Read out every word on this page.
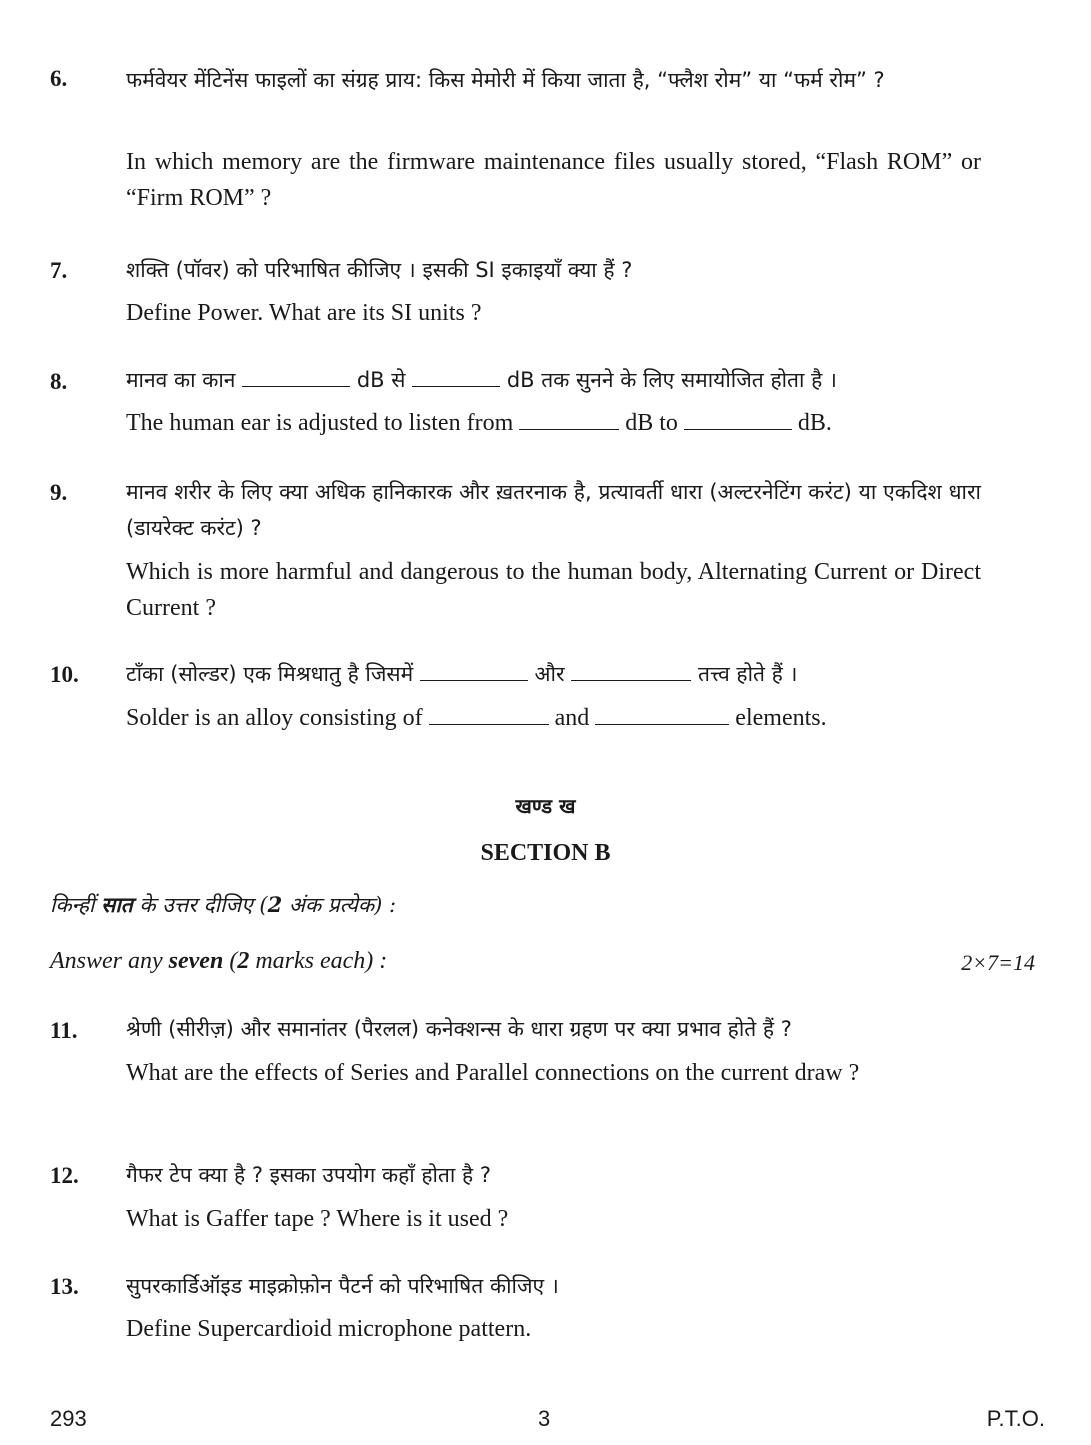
6.	फर्मवेयर मेंटिनेंस फाइलों का संग्रह प्राय: किस मेमोरी में किया जाता है, “फ्लैश रोम” या “फर्म रोम” ?
In which memory are the firmware maintenance files usually stored, “Flash ROM” or “Firm ROM” ?
7.	शक्ति (पॉवर) को परिभाषित कीजिए । इसकी SI इकाइयाँ क्या हैं ?
Define Power. What are its SI units ?
8.	मानव का कान	dB से	dB तक सुनने के लिए समायोजित होता है ।
The human ear is adjusted to listen from	dB to	dB.
9.	मानव शरीर के लिए क्या अधिक हानिकारक और ख़तरनाक है, प्रत्यावर्ती धारा (अल्टरनेटिंग करंट) या एकदिश धारा (डायरेक्ट करंट) ?
Which is more harmful and dangerous to the human body, Alternating Current or Direct Current ?
10. टाँका (सोल्डर) एक मिश्रधातु है जिसमें	और	तत्त्व होते हैं ।
Solder is an alloy consisting of	and	elements.
खण्ड ख
SECTION B
किन्हीं सात के उत्तर दीजिए (2 अंक प्रत्येक) :
Answer any seven (2 marks each) :	2×7=14
11. श्रेणी (सीरीज़) और समानांतर (पैरलल) कनेक्शन्स के धारा ग्रहण पर क्या प्रभाव होते हैं ?
What are the effects of Series and Parallel connections on the current draw ?
12. गैफर टेप क्या है ? इसका उपयोग कहाँ होता है ?
What is Gaffer tape ? Where is it used ?
13. सुपरकार्डिऑइड माइक्रोफ़ोन पैटर्न को परिभाषित कीजिए ।
Define Supercardioid microphone pattern.
293	3	P.T.O.
